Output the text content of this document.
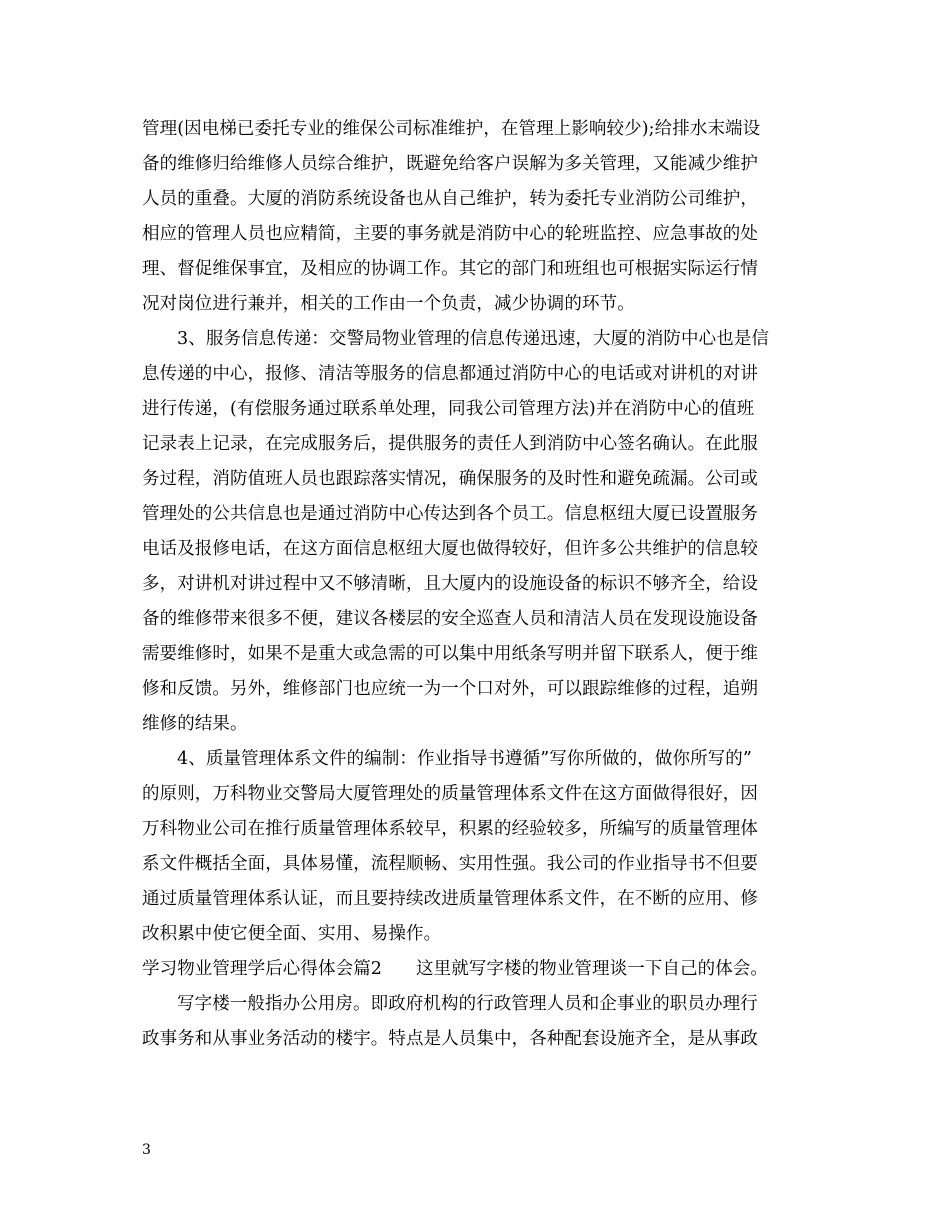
管理(因电梯已委托专业的维保公司标准维护，在管理上影响较少);给排水末端设
备的维修归给维修人员综合维护，既避免给客户误解为多关管理，又能减少维护
人员的重叠。大厦的消防系统设备也从自己维护，转为委托专业消防公司维护，
相应的管理人员也应精简，主要的事务就是消防中心的轮班监控、应急事故的处
理、督促维保事宜，及相应的协调工作。其它的部门和班组也可根据实际运行情
况对岗位进行兼并，相关的工作由一个负责，减少协调的环节。
3、服务信息传递：交警局物业管理的信息传递迅速，大厦的消防中心也是信
息传递的中心，报修、清洁等服务的信息都通过消防中心的电话或对讲机的对讲
进行传递，(有偿服务通过联系单处理，同我公司管理方法)并在消防中心的值班
记录表上记录，在完成服务后，提供服务的责任人到消防中心签名确认。在此服
务过程，消防值班人员也跟踪落实情况，确保服务的及时性和避免疏漏。公司或
管理处的公共信息也是通过消防中心传达到各个员工。信息枢纽大厦已设置服务
电话及报修电话，在这方面信息枢纽大厦也做得较好，但许多公共维护的信息较
多，对讲机对讲过程中又不够清晰，且大厦内的设施设备的标识不够齐全，给设
备的维修带来很多不便，建议各楼层的安全巡查人员和清洁人员在发现设施设备
需要维修时，如果不是重大或急需的可以集中用纸条写明并留下联系人，便于维
修和反馈。另外，维修部门也应统一为一个口对外，可以跟踪维修的过程，追朔
维修的结果。
4、质量管理体系文件的编制：作业指导书遵循”写你所做的，做你所写的”
的原则，万科物业交警局大厦管理处的质量管理体系文件在这方面做得很好，因
万科物业公司在推行质量管理体系较早，积累的经验较多，所编写的质量管理体
系文件概括全面，具体易懂，流程顺畅、实用性强。我公司的作业指导书不但要
通过质量管理体系认证，而且要持续改进质量管理体系文件，在不断的应用、修
改积累中使它便全面、实用、易操作。
学习物业管理学后心得体会篇2      这里就写字楼的物业管理谈一下自己的体会。
写字楼一般指办公用房。即政府机构的行政管理人员和企事业的职员办理行
政事务和从事业务活动的楼宇。特点是人员集中，各种配套设施齐全，是从事政
3
